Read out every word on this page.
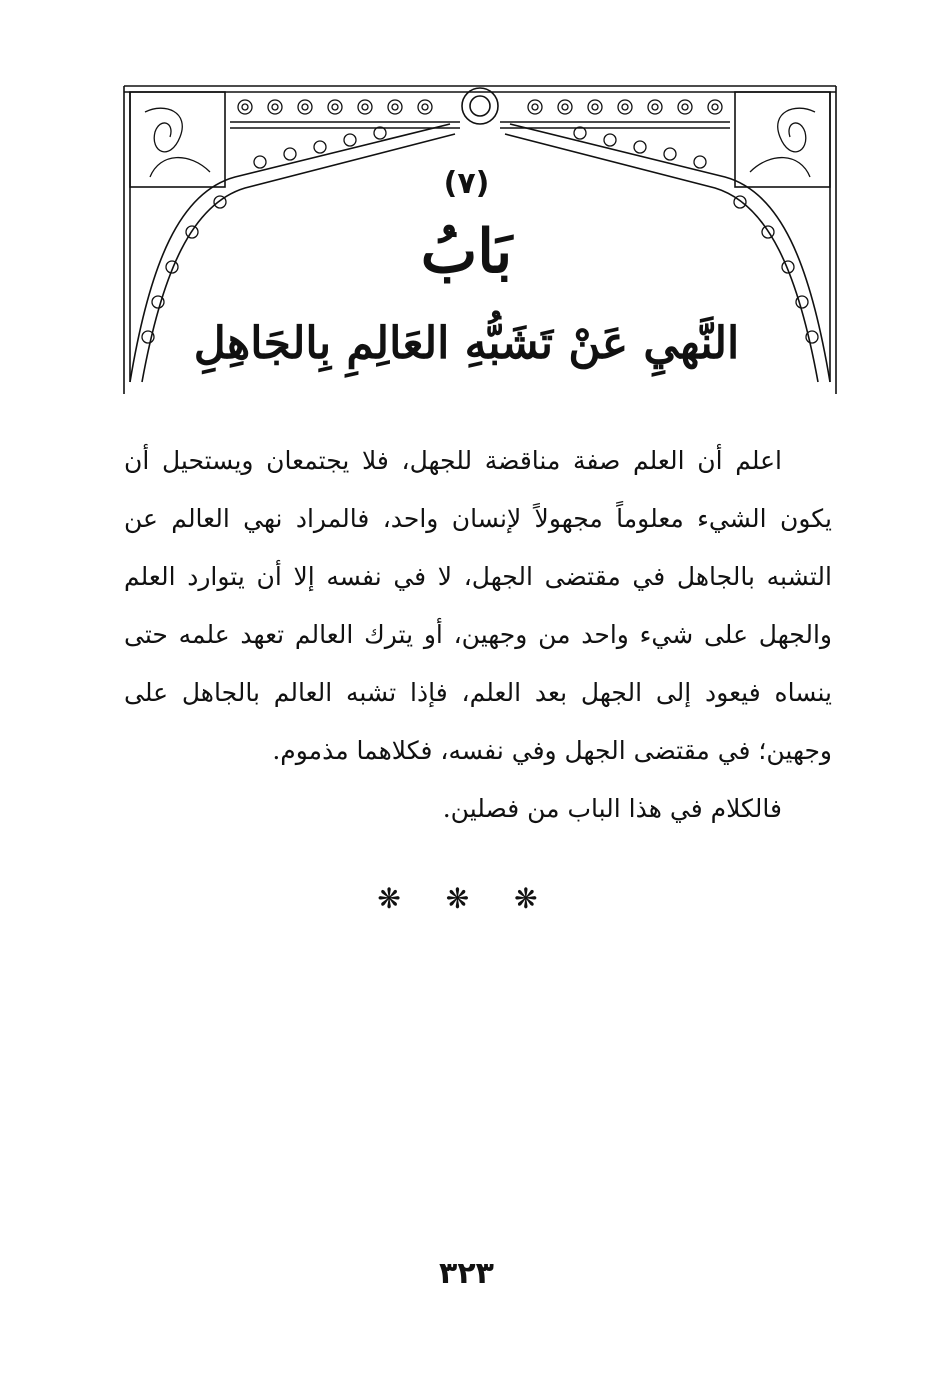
(٧)
بَابُ
النَّهيِ عَنْ تَشَبُّهِ العَالِمِ بِالجَاهِلِ

اعلم أن العلم صفة مناقضة للجهل، فلا يجتمعان ويستحيل أن يكون الشيء معلوماً مجهولاً لإنسان واحد، فالمراد نهي العالم عن التشبه بالجاهل في مقتضى الجهل، لا في نفسه إلا أن يتوارد العلم والجهل على شيء واحد من وجهين، أو يترك العالم تعهد علمه حتى ينساه فيعود إلى الجهل بعد العلم، فإذا تشبه العالم بالجاهل على وجهين؛ في مقتضى الجهل وفي نفسه، فكلاهما مذموم.

فالكلام في هذا الباب من فصلين.

❋ ❋ ❋
٣٢٣
